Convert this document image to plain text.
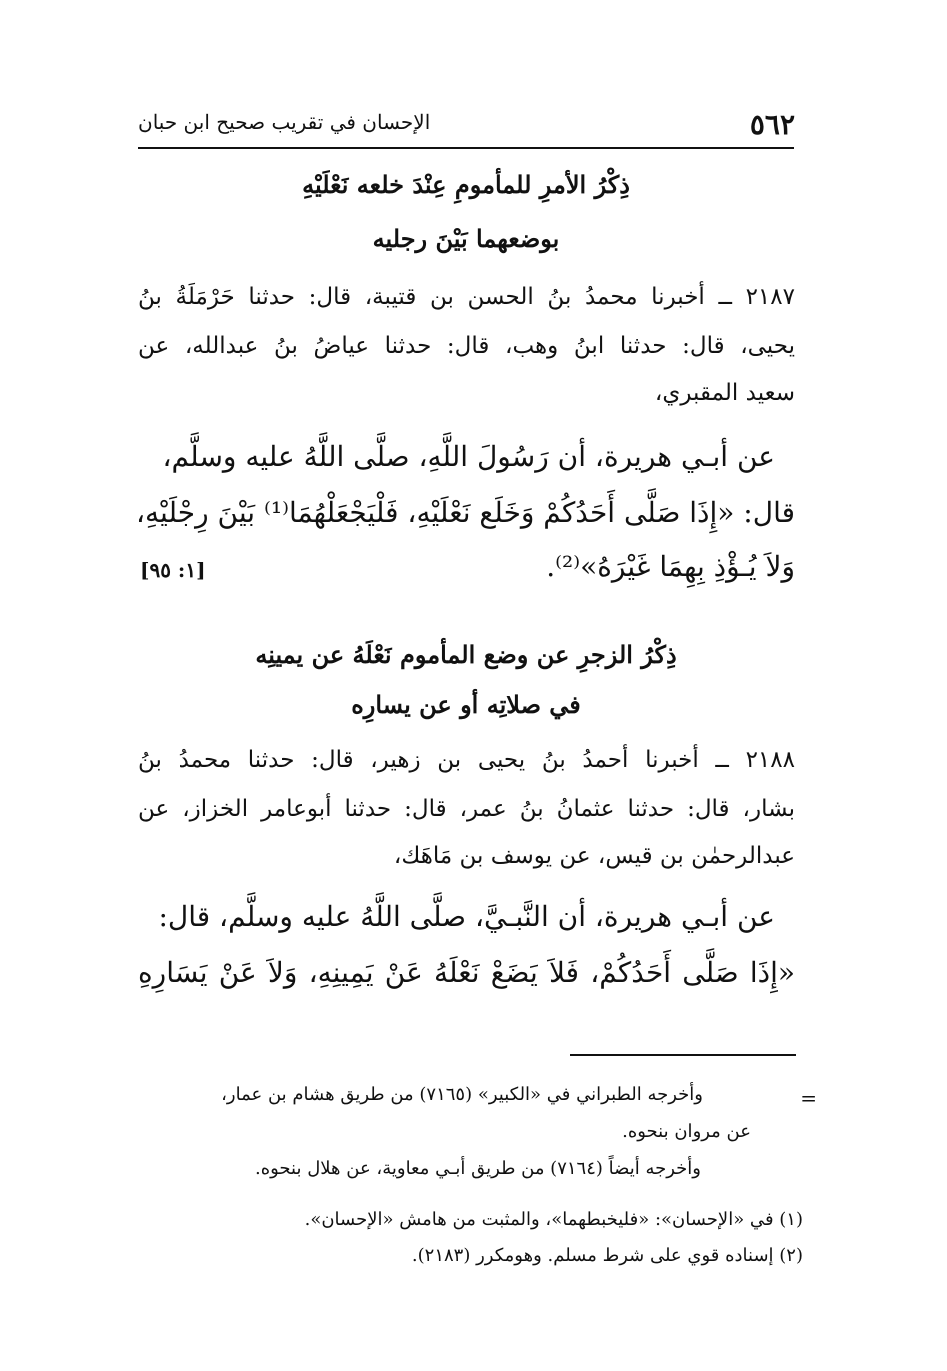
٥٦٢
الإحسان في تقريب صحيح ابن حبان
ذِكْرُ الأمرِ للمأمومِ عِنْدَ خلعه نَعْلَيْهِ
بوضعهما بَيْنَ رجليه
٢١٨٧ ــ أخبرنا محمدُ بنُ الحسن بن قتيبة، قال: حدثنا حَرْمَلَةُ بنُ
يحيى، قال: حدثنا ابنُ وهب، قال: حدثنا عياضُ بنُ عبدالله، عن
سعيد المقبري،
عن أبـي هريرة، أن رَسُولَ اللَّهِ، صلَّى اللَّهُ عليه وسلَّم،
قال: «إِذَا صَلَّى أَحَدُكُمْ وَخَلَع نَعْلَيْهِ، فَلْيَجْعَلْهُمَا⁽¹⁾ بَيْنَ رِجْلَيْهِ،
وَلاَ يُـؤْذِ بِهِمَا غَيْرَهُ»⁽²⁾.
[١: ٩٥]
ذِكْرُ الزجرِ عن وضع المأموم نَعْلَهُ عن يمينِه
في صلاتِه أو عن يسارِه
٢١٨٨ ــ أخبرنا أحمدُ بنُ يحيى بن زهير، قال: حدثنا محمدُ بنُ
بشار، قال: حدثنا عثمانُ بنُ عمر، قال: حدثنا أبوعامر الخزاز، عن
عبدالرحمٰن بن قيس، عن يوسف بن مَاهَك،
عن أبـي هريرة، أن النَّبـيَّ، صلَّى اللَّهُ عليه وسلَّم، قال:
«إِذَا صَلَّى أَحَدُكُمْ، فَلاَ يَضَعْ نَعْلَهُ عَنْ يَمِينِهِ، وَلاَ عَنْ يَسَارِهِ
=
وأخرجه الطبراني في «الكبير» (٧١٦٥) من طريق هشام بن عمار،
عن مروان بنحوه.
وأخرجه أيضاً (٧١٦٤) من طريق أبـي معاوية، عن هلال بنحوه.
(١) في «الإحسان»: «فليخبطهما»، والمثبت من هامش «الإحسان».
(٢) إسناده قوي على شرط مسلم. وهومكرر (٢١٨٣).
